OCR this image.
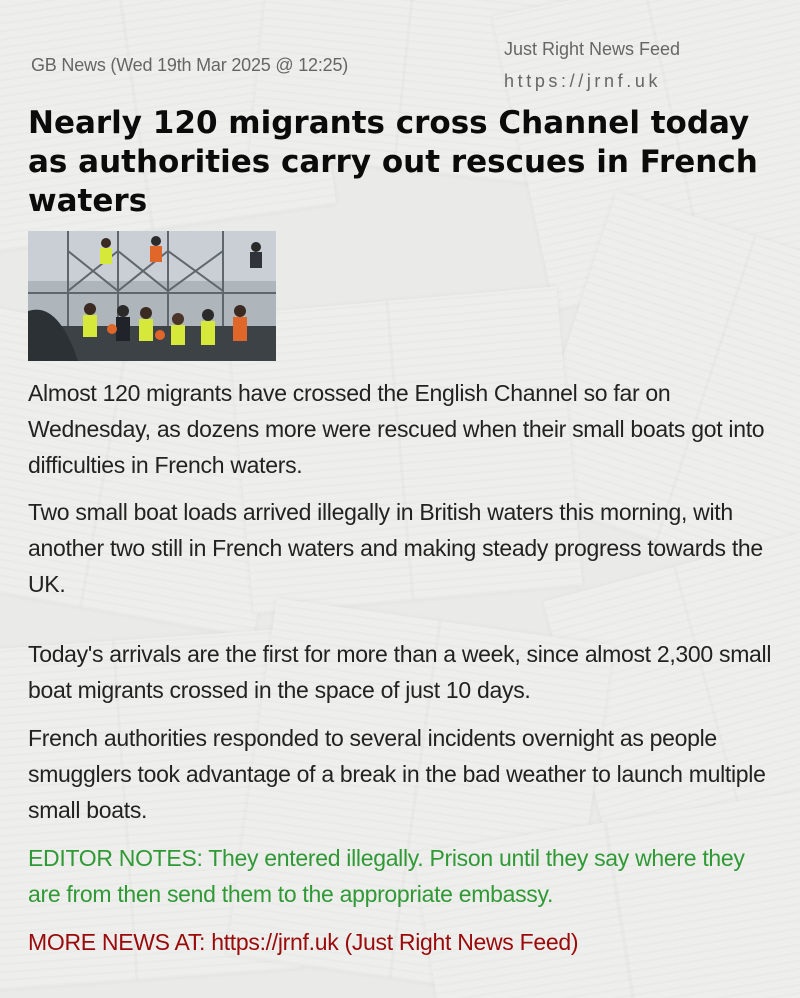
GB News (Wed 19th Mar 2025 @ 12:25)
Just Right News Feed
https://jrnf.uk
Nearly 120 migrants cross Channel today as authorities carry out rescues in French waters
Almost 120 migrants have crossed the English Channel so far on Wednesday, as dozens more were rescued when their small boats got into difficulties in French waters.
Two small boat loads arrived illegally in British waters this morning, with another two still in French waters and making steady progress towards the UK.
Today's arrivals are the first for more than a week, since almost 2,300 small boat migrants crossed in the space of just 10 days.
French authorities responded to several incidents overnight as people smugglers took advantage of a break in the bad weather to launch multiple small boats.
EDITOR NOTES: They entered illegally. Prison until they say where they are from then send them to the appropriate embassy.
MORE NEWS AT: https://jrnf.uk (Just Right News Feed)
